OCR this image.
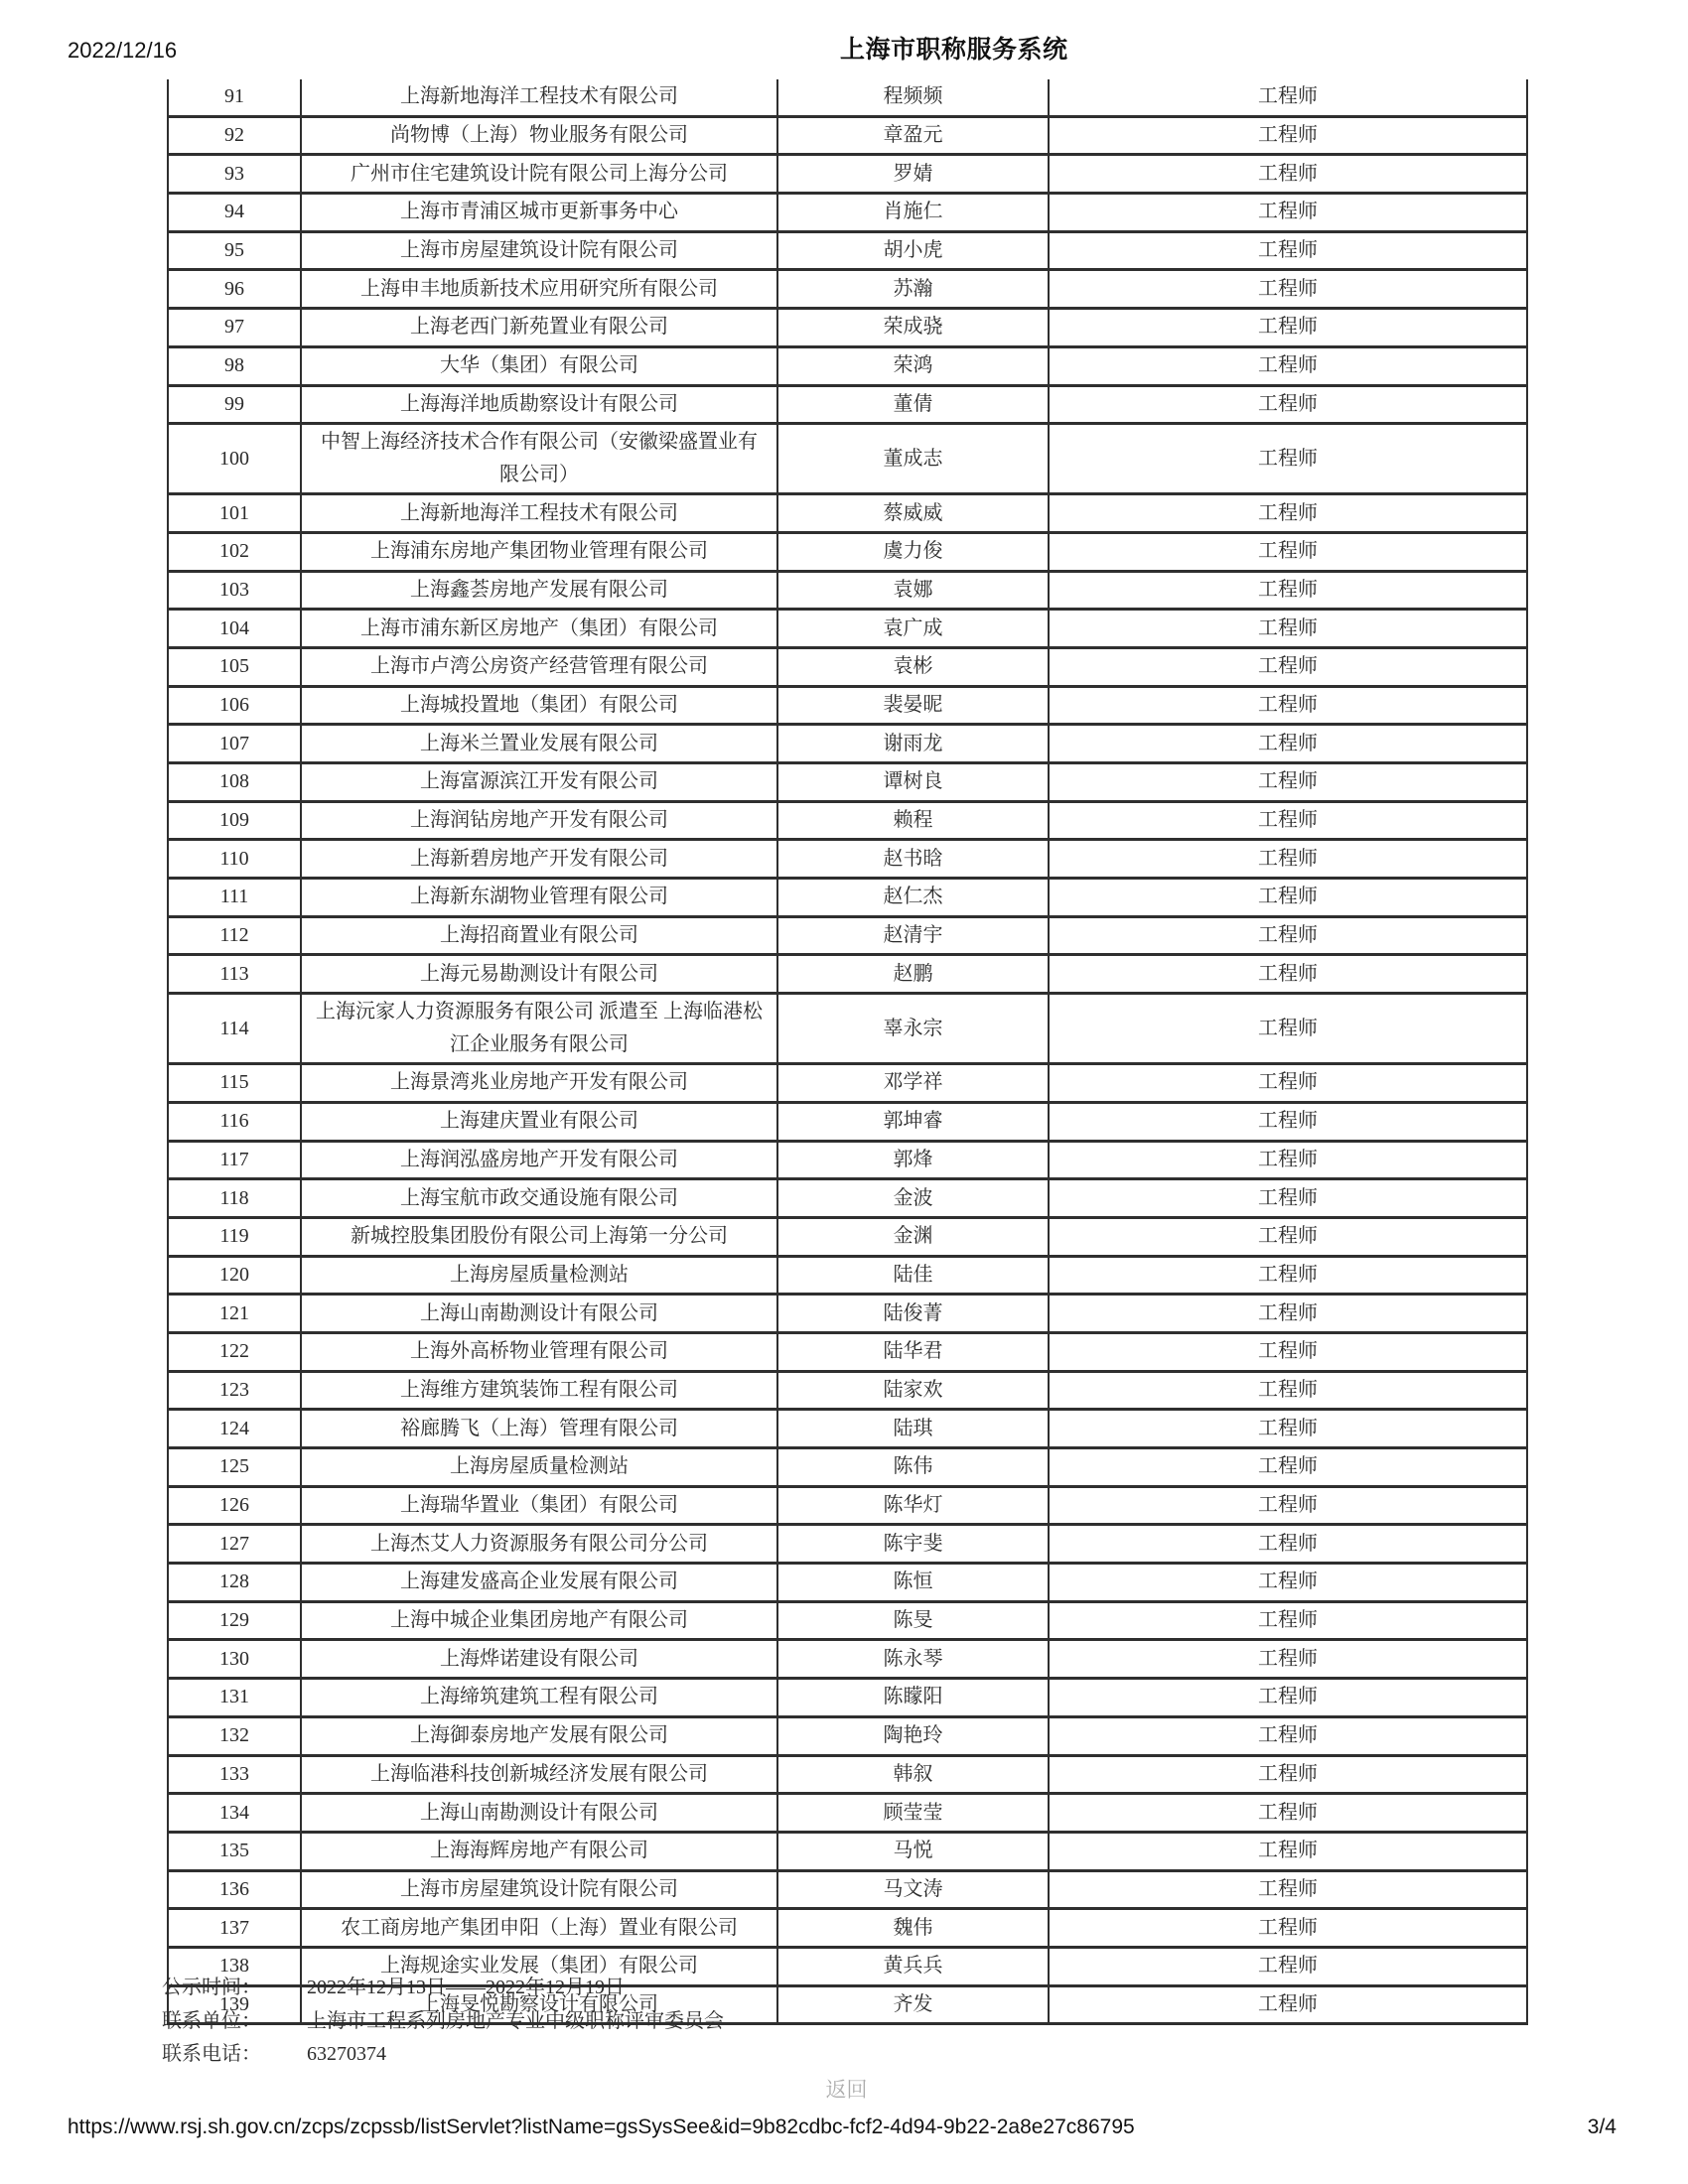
2022/12/16	上海市职称服务系统
91	上海新地海洋工程技术有限公司	程频频	工程师
92	尚物博（上海）物业服务有限公司	章盈元	工程师
93	广州市住宅建筑设计院有限公司上海分公司	罗婧	工程师
94	上海市青浦区城市更新事务中心	肖施仁	工程师
95	上海市房屋建筑设计院有限公司	胡小虎	工程师
96	上海申丰地质新技术应用研究所有限公司	苏瀚	工程师
97	上海老西门新苑置业有限公司	荣成骁	工程师
98	大华（集团）有限公司	荣鸿	工程师
99	上海海洋地质勘察设计有限公司	董倩	工程师
100	中智上海经济技术合作有限公司（安徽梁盛置业有限公司）	董成志	工程师
101	上海新地海洋工程技术有限公司	蔡威威	工程师
102	上海浦东房地产集团物业管理有限公司	虞力俊	工程师
103	上海鑫荟房地产发展有限公司	袁娜	工程师
104	上海市浦东新区房地产（集团）有限公司	袁广成	工程师
105	上海市卢湾公房资产经营管理有限公司	袁彬	工程师
106	上海城投置地（集团）有限公司	裴晏昵	工程师
107	上海米兰置业发展有限公司	谢雨龙	工程师
108	上海富源滨江开发有限公司	谭树良	工程师
109	上海润钻房地产开发有限公司	赖程	工程师
110	上海新碧房地产开发有限公司	赵书晗	工程师
111	上海新东湖物业管理有限公司	赵仁杰	工程师
112	上海招商置业有限公司	赵清宇	工程师
113	上海元易勘测设计有限公司	赵鹏	工程师
114	上海沅家人力资源服务有限公司 派遣至 上海临港松江企业服务有限公司	辜永宗	工程师
115	上海景湾兆业房地产开发有限公司	邓学祥	工程师
116	上海建庆置业有限公司	郭坤睿	工程师
117	上海润泓盛房地产开发有限公司	郭烽	工程师
118	上海宝航市政交通设施有限公司	金波	工程师
119	新城控股集团股份有限公司上海第一分公司	金渊	工程师
120	上海房屋质量检测站	陆佳	工程师
121	上海山南勘测设计有限公司	陆俊菁	工程师
122	上海外高桥物业管理有限公司	陆华君	工程师
123	上海维方建筑装饰工程有限公司	陆家欢	工程师
124	裕廊腾飞（上海）管理有限公司	陆琪	工程师
125	上海房屋质量检测站	陈伟	工程师
126	上海瑞华置业（集团）有限公司	陈华灯	工程师
127	上海杰艾人力资源服务有限公司分公司	陈宇斐	工程师
128	上海建发盛高企业发展有限公司	陈恒	工程师
129	上海中城企业集团房地产有限公司	陈旻	工程师
130	上海烨诺建设有限公司	陈永琴	工程师
131	上海缔筑建筑工程有限公司	陈矇阳	工程师
132	上海御泰房地产发展有限公司	陶艳玲	工程师
133	上海临港科技创新城经济发展有限公司	韩叙	工程师
134	上海山南勘测设计有限公司	顾莹莹	工程师
135	上海海辉房地产有限公司	马悦	工程师
136	上海市房屋建筑设计院有限公司	马文涛	工程师
137	农工商房地产集团申阳（上海）置业有限公司	魏伟	工程师
138	上海规途实业发展（集团）有限公司	黄兵兵	工程师
139	上海旻悦勘察设计有限公司	齐发	工程师
公示时间： 2022年12月13日——2022年12月19日
联系单位： 上海市工程系列房地产专业中级职称评审委员会
联系电话： 63270374
返回
https://www.rsj.sh.gov.cn/zcps/zcpssb/listServlet?listName=gsSysSee&id=9b82cdbc-fcf2-4d94-9b22-2a8e27c86795	3/4
